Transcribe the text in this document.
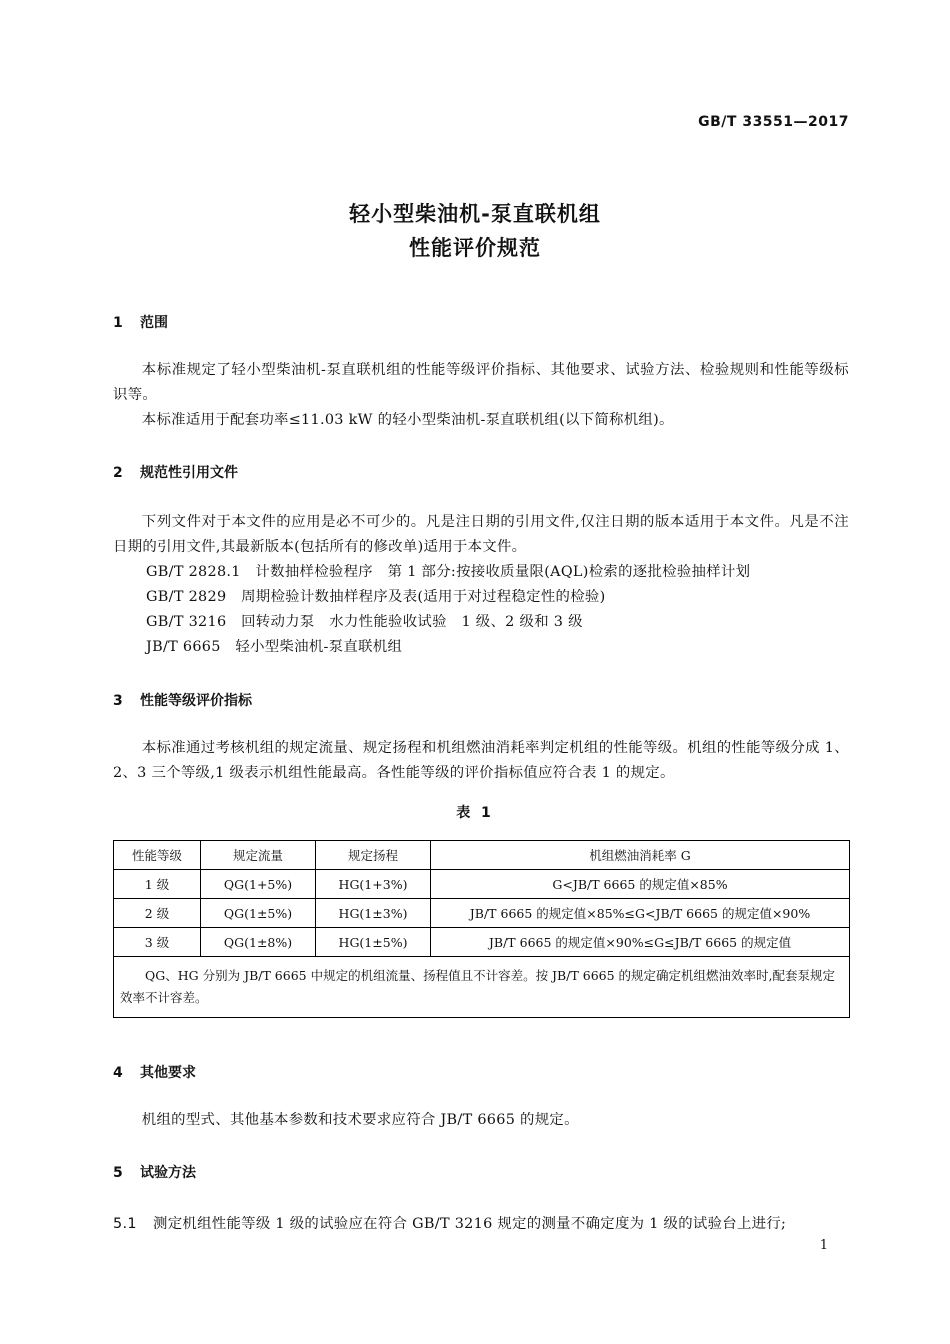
GB/T 33551—2017
轻小型柴油机-泵直联机组
性能评价规范
1 范围
本标准规定了轻小型柴油机-泵直联机组的性能等级评价指标、其他要求、试验方法、检验规则和性能等级标识等。
本标准适用于配套功率≤11.03 kW 的轻小型柴油机-泵直联机组(以下简称机组)。
2 规范性引用文件
下列文件对于本文件的应用是必不可少的。凡是注日期的引用文件,仅注日期的版本适用于本文件。凡是不注日期的引用文件,其最新版本(包括所有的修改单)适用于本文件。
GB/T 2828.1　计数抽样检验程序　第 1 部分:按接收质量限(AQL)检索的逐批检验抽样计划
GB/T 2829　周期检验计数抽样程序及表(适用于对过程稳定性的检验)
GB/T 3216　回转动力泵　水力性能验收试验　1 级、2 级和 3 级
JB/T 6665　轻小型柴油机-泵直联机组
3 性能等级评价指标
本标准通过考核机组的规定流量、规定扬程和机组燃油消耗率判定机组的性能等级。机组的性能等级分成 1、2、3 三个等级,1 级表示机组性能最高。各性能等级的评价指标值应符合表 1 的规定。
表 1
性能等级	规定流量	规定扬程	机组燃油消耗率 G
1 级	QG(1+5%)	HG(1+3%)	G<JB/T 6665 的规定值×85%
2 级	QG(1±5%)	HG(1±3%)	JB/T 6665 的规定值×85%≤G<JB/T 6665 的规定值×90%
3 级	QG(1±8%)	HG(1±5%)	JB/T 6665 的规定值×90%≤G≤JB/T 6665 的规定值
QG、HG 分别为 JB/T 6665 中规定的机组流量、扬程值且不计容差。按 JB/T 6665 的规定确定机组燃油效率时,配套泵规定效率不计容差。			
4 其他要求
机组的型式、其他基本参数和技术要求应符合 JB/T 6665 的规定。
5 试验方法
5.1 测定机组性能等级 1 级的试验应在符合 GB/T 3216 规定的测量不确定度为 1 级的试验台上进行;
1
